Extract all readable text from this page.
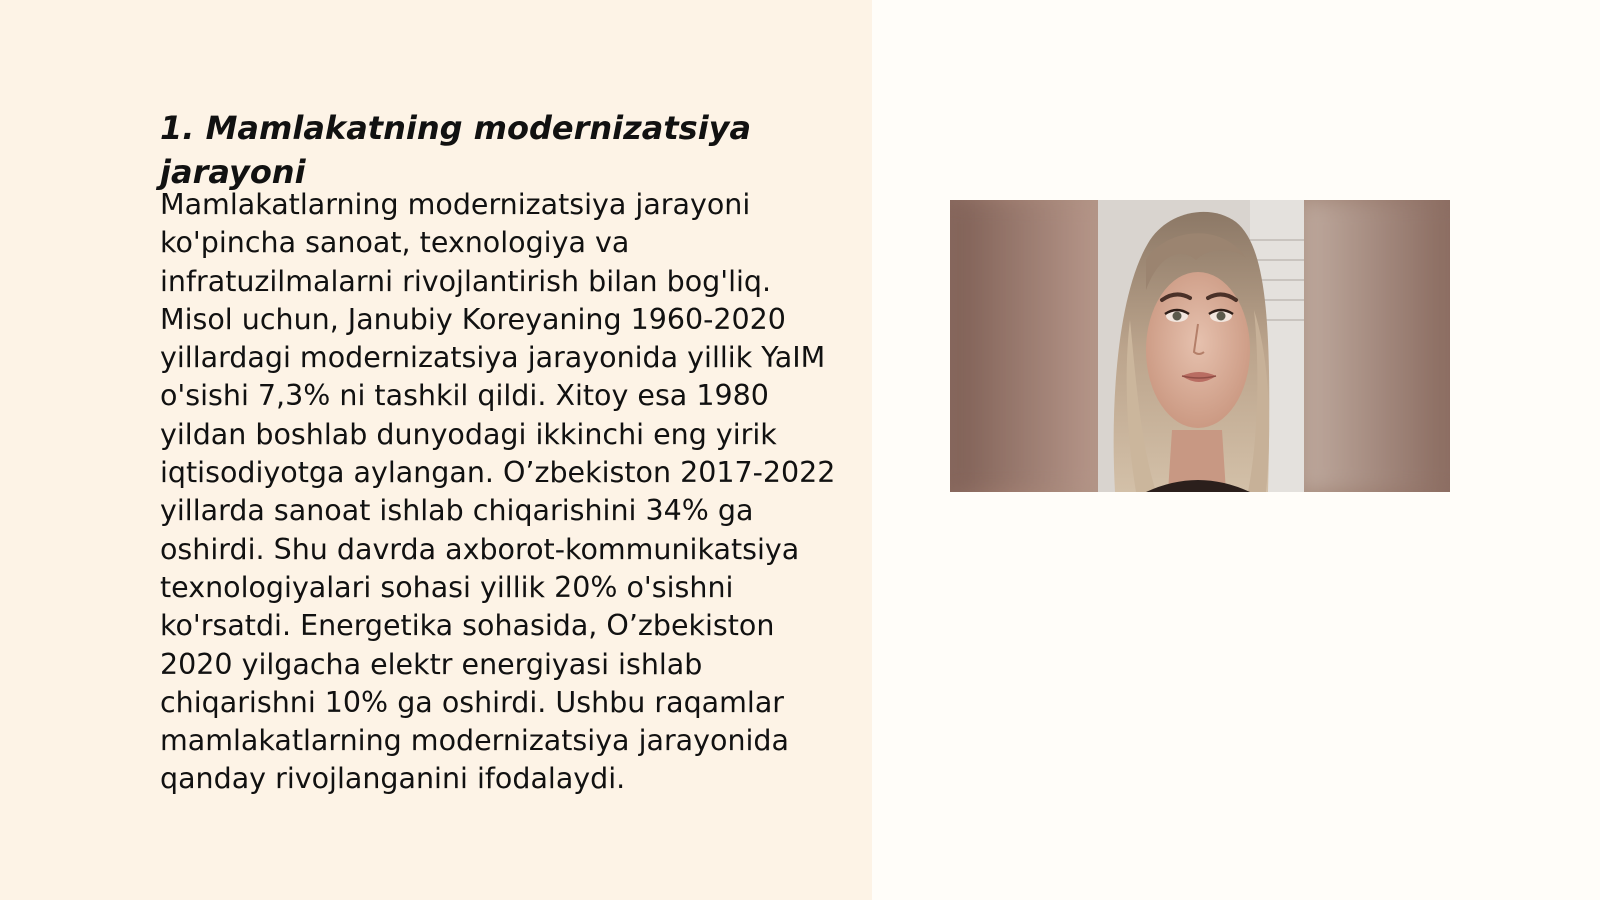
1. Mamlakatning modernizatsiya jarayoni

Mamlakatlarning modernizatsiya jarayoni ko'pincha sanoat, texnologiya va infratuzilmalarni rivojlantirish bilan bog'liq. Misol uchun, Janubiy Koreyaning 1960-2020 yillardagi modernizatsiya jarayonida yillik YaIM o'sishi 7,3% ni tashkil qildi. Xitoy esa 1980 yildan boshlab dunyodagi ikkinchi eng yirik iqtisodiyotga aylangan. O’zbekiston 2017-2022 yillarda sanoat ishlab chiqarishini 34% ga oshirdi. Shu davrda axborot-kommunikatsiya texnologiyalari sohasi yillik 20% o'sishni ko'rsatdi. Energetika sohasida, O’zbekiston 2020 yilgacha elektr energiyasi ishlab chiqarishni 10% ga oshirdi. Ushbu raqamlar mamlakatlarning modernizatsiya jarayonida qanday rivojlanganini ifodalaydi.
